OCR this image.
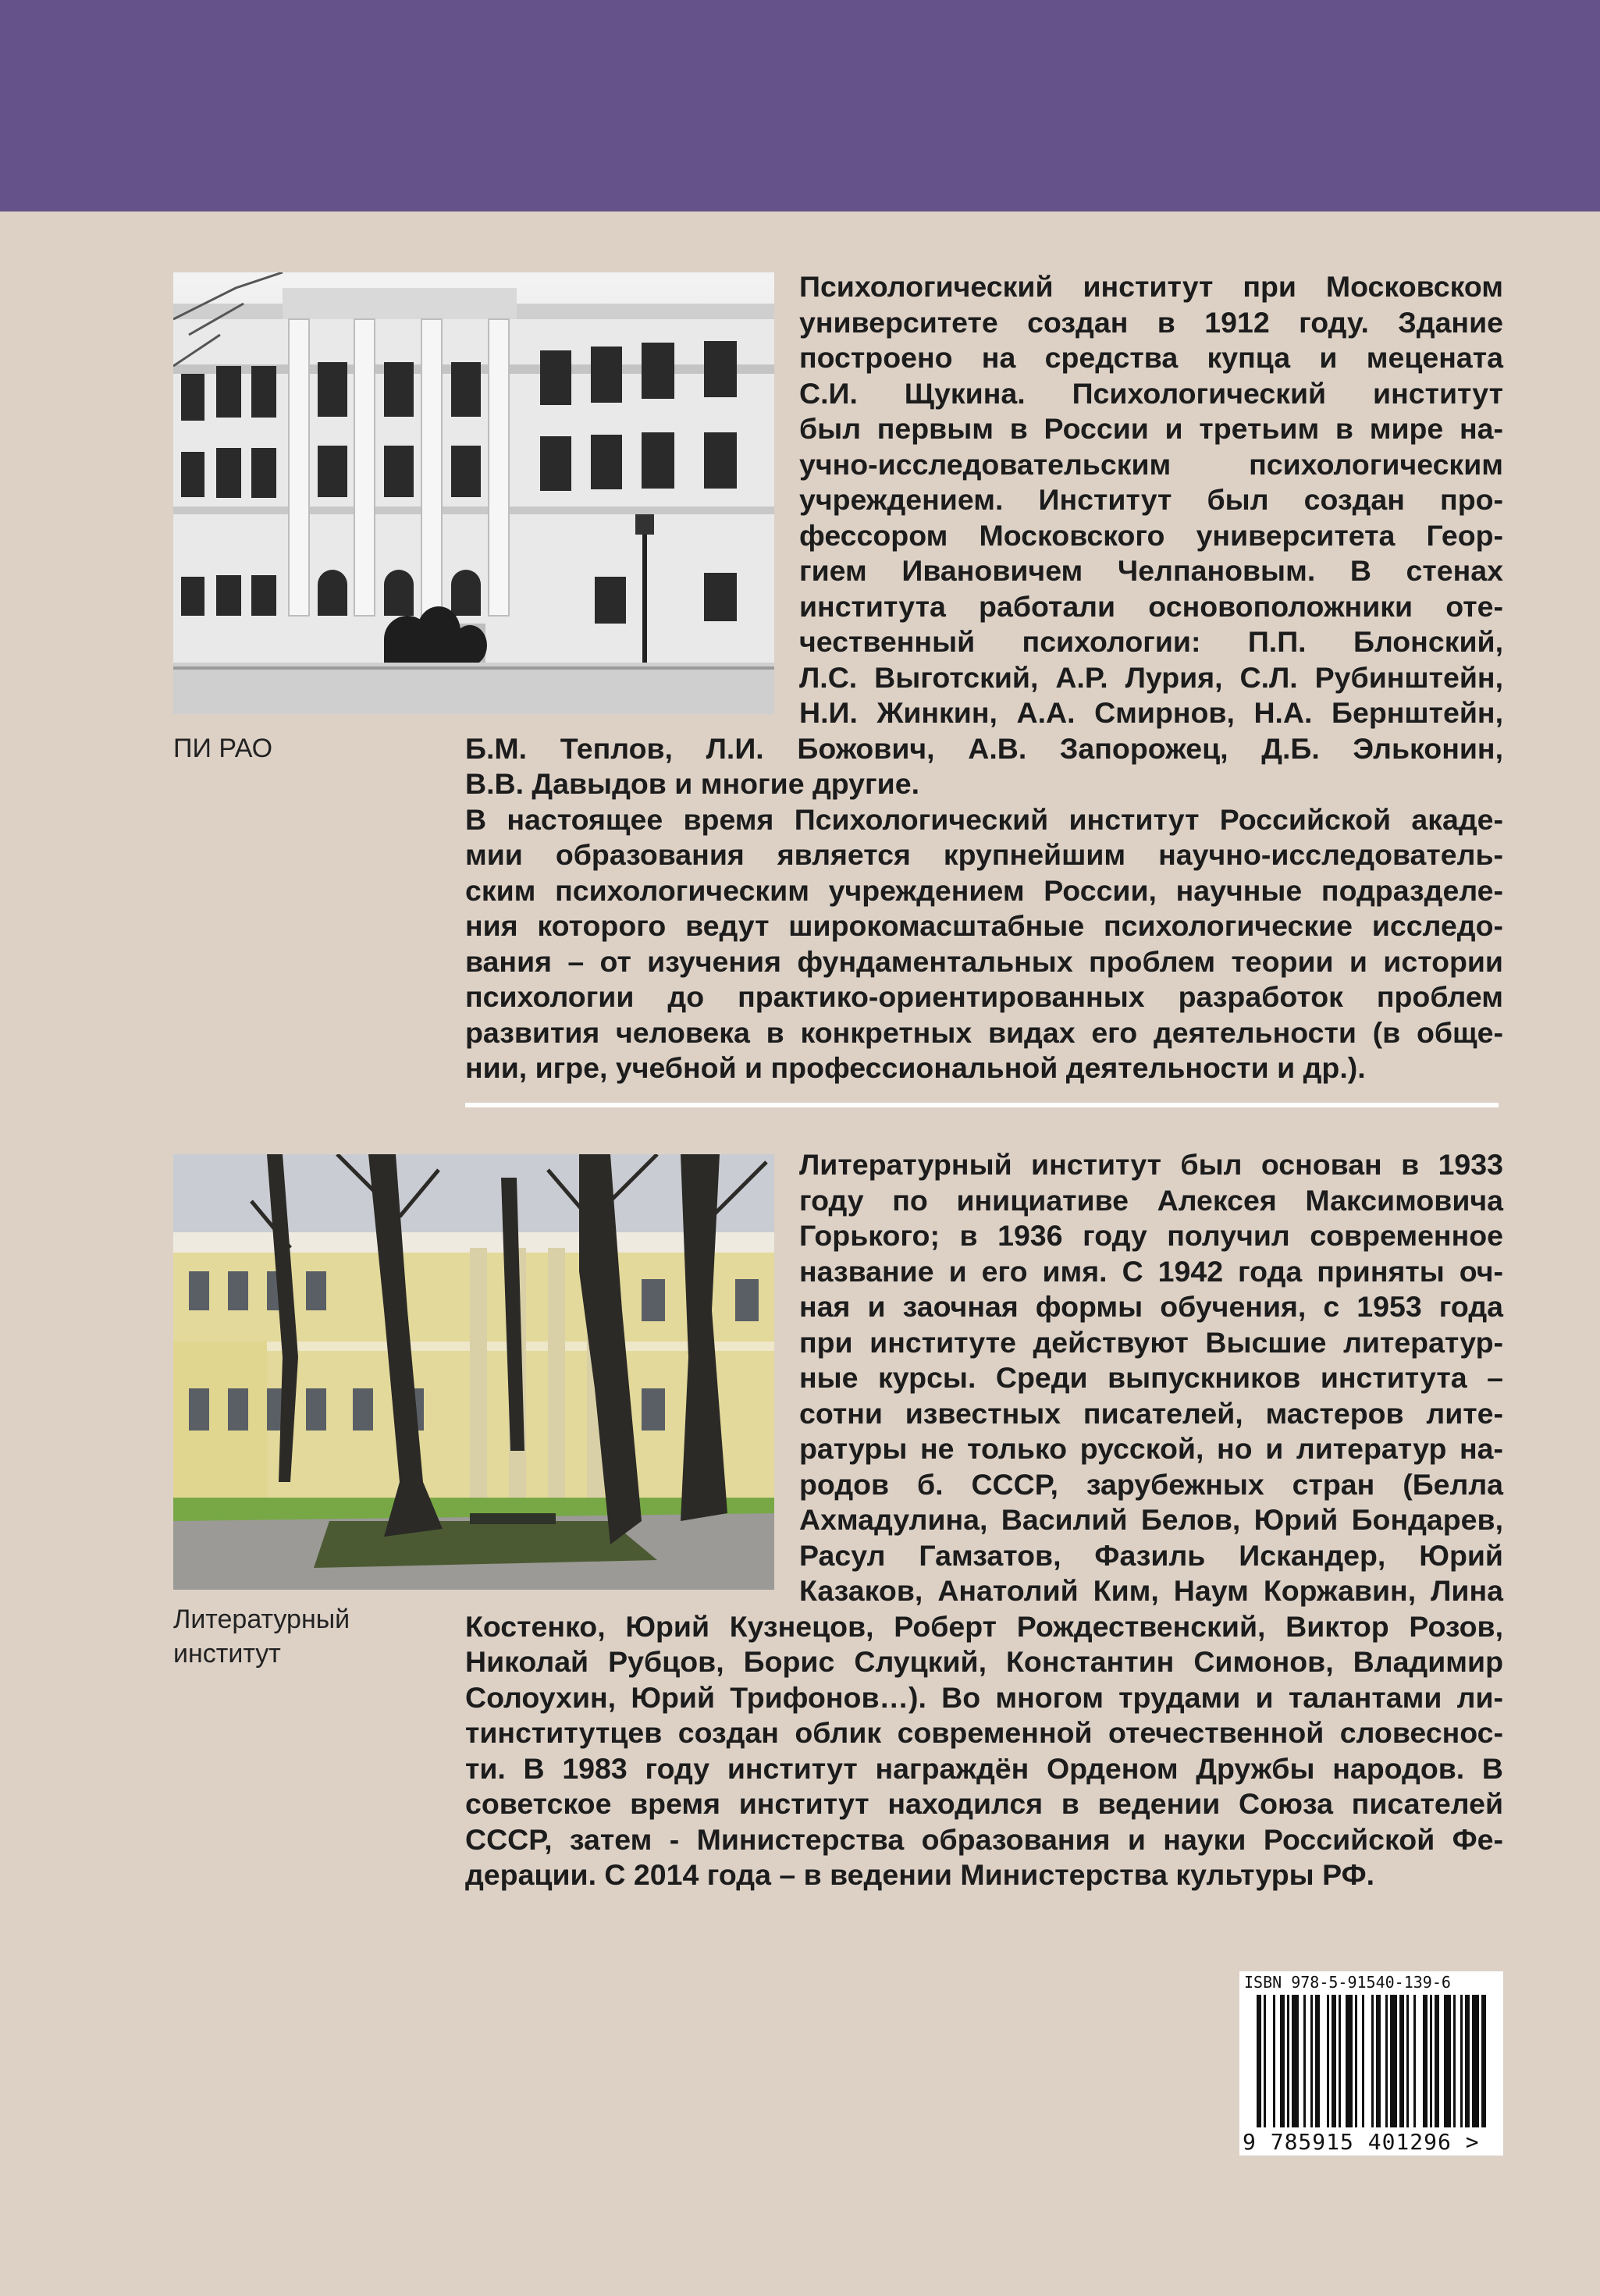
ПИ РАО

Психологический институт при Московском
университете создан в 1912 году. Здание
построено на средства купца и мецената
С.И. Щукина. Психологический институт
был первым в России и третьим в мире на-
учно-исследовательским психологическим
учреждением. Институт был создан про-
фессором Московского университета Геор-
гием Ивановичем Челпановым. В стенах
института работали основоположники оте-
чественный психологии: П.П. Блонский,
Л.С. Выготский, А.Р. Лурия, С.Л. Рубинштейн,
Н.И. Жинкин, А.А. Смирнов, Н.А. Бернштейн,
Б.М. Теплов, Л.И. Божович, А.В. Запорожец, Д.Б. Эльконин,
В.В. Давыдов и многие другие.
В настоящее время Психологический институт Российской акаде-
мии образования является крупнейшим научно-исследователь-
ским психологическим учреждением России, научные подразделе-
ния которого ведут широкомасштабные психологические исследо-
вания – от изучения фундаментальных проблем теории и истории
психологии до практико-ориентированных разработок проблем
развития человека в конкретных видах его деятельности (в обще-
нии, игре, учебной и профессиональной деятельности и др.).

Литературный
институт

Литературный институт был основан в 1933
году по инициативе Алексея Максимовича
Горького; в 1936 году получил современное
название и его имя. С 1942 года приняты оч-
ная и заочная формы обучения, с 1953 года
при институте действуют Высшие литератур-
ные курсы. Среди выпускников института –
сотни известных писателей, мастеров лите-
ратуры не только русской, но и литератур на-
родов б. СССР, зарубежных стран (Белла
Ахмадулина, Василий Белов, Юрий Бондарев,
Расул Гамзатов, Фазиль Искандер, Юрий
Казаков, Анатолий Ким, Наум Коржавин, Лина
Костенко, Юрий Кузнецов, Роберт Рождественский, Виктор Розов,
Николай Рубцов, Борис Слуцкий, Константин Симонов, Владимир
Солоухин, Юрий Трифонов…). Во многом трудами и талантами ли-
тинститутцев создан облик современной отечественной словеснос-
ти. В 1983 году институт награждён Орденом Дружбы народов. В
советское время институт находился в ведении Союза писателей
СССР, затем - Министерства образования и науки Российской Фе-
дерации. С 2014 года – в ведении Министерства культуры РФ.
ISBN 978-5-91540-139-6
9 785915 401296 >
